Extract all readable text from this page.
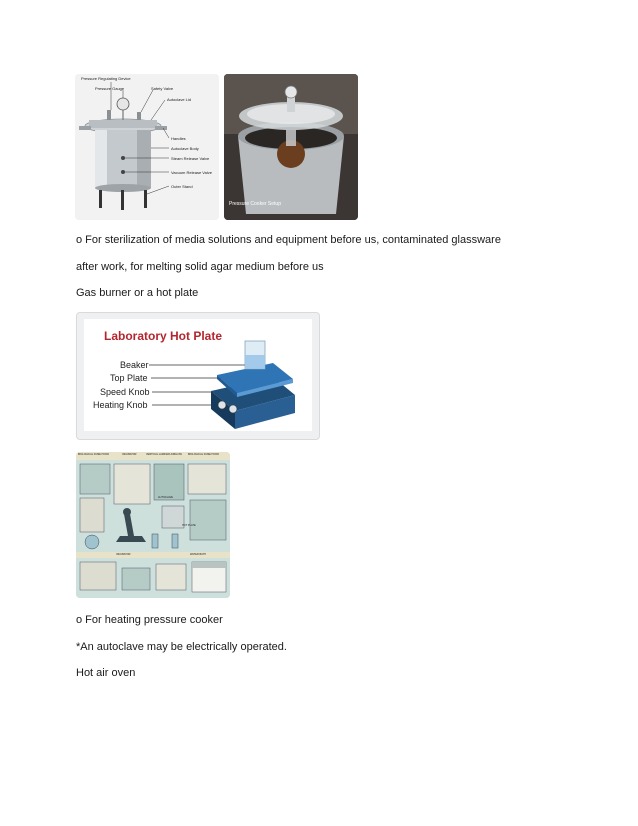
Pressure Regulating Device
Pressure Gauge	Safety Valve
Autoclave Lid
Handles
Autoclave Body
Steam Release Valve
Vacuum Release Valve
Outer Stand
Pressure Cooker Setup
o For sterilization of media solutions and equipment before us, contaminated glassware
after work, for melting solid agar medium before us
Gas burner or a hot plate
Laboratory Hot Plate
Beaker
Top Plate
Speed Knob
Heating Knob
BIOLOGICAL FUME HOOD	INCUBATOR	VERTICAL LAMINAR AIRFLOW BIOLOGICAL FUME HOOD
AUTOCLAVE
HOT PLATE
INCUBATOR	WATER BATH
o For heating pressure cooker
*An autoclave may be electrically operated.
Hot air oven
